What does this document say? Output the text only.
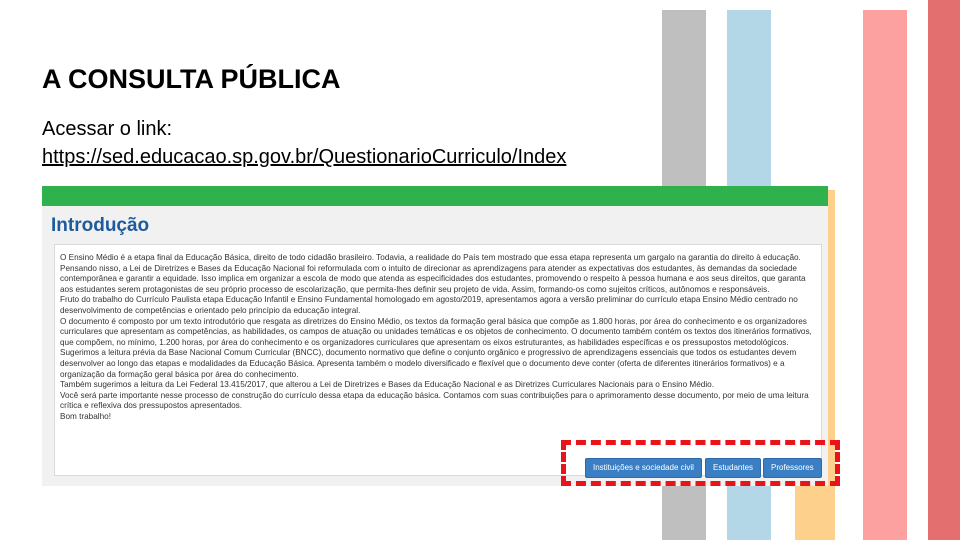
A CONSULTA PÚBLICA
Acessar o link:
https://sed.educacao.sp.gov.br/QuestionarioCurriculo/Index
Introdução

O Ensino Médio é a etapa final da Educação Básica, direito de todo cidadão brasileiro. Todavia, a realidade do País tem mostrado que essa etapa representa um gargalo na garantia do direito à educação.

Pensando nisso, a Lei de Diretrizes e Bases da Educação Nacional foi reformulada com o intuito de direcionar as aprendizagens para atender as expectativas dos estudantes, às demandas da sociedade contemporânea e garantir a equidade. Isso implica em organizar a escola de modo que atenda as especificidades dos estudantes, promovendo o respeito à pessoa humana e aos seus direitos, que garanta aos estudantes serem protagonistas de seu próprio processo de escolarização, que permita-lhes definir seu projeto de vida. Assim, formando-os como sujeitos críticos, autônomos e responsáveis.

Fruto do trabalho do Currículo Paulista etapa Educação Infantil e Ensino Fundamental homologado em agosto/2019, apresentamos agora a versão preliminar do currículo etapa Ensino Médio centrado no desenvolvimento de competências e orientado pelo princípio da educação integral.

O documento é composto por um texto introdutório que resgata as diretrizes do Ensino Médio, os textos da formação geral básica que compõe as 1.800 horas, por área do conhecimento e os organizadores curriculares que apresentam as competências, as habilidades, os campos de atuação ou unidades temáticas e os objetos de conhecimento. O documento também contém os textos dos itinerários formativos, que compõem, no mínimo, 1.200 horas, por área do conhecimento e os organizadores curriculares que apresentam os eixos estruturantes, as habilidades específicas e os pressupostos metodológicos.

Sugerimos a leitura prévia da Base Nacional Comum Curricular (BNCC), documento normativo que define o conjunto orgânico e progressivo de aprendizagens essenciais que todos os estudantes devem desenvolver ao longo das etapas e modalidades da Educação Básica. Apresenta também o modelo diversificado e flexível que o documento deve conter (oferta de diferentes itinerários formativos) e a organização da formação geral básica por área do conhecimento.

Também sugerimos a leitura da Lei Federal 13.415/2017, que alterou a Lei de Diretrizes e Bases da Educação Nacional e as Diretrizes Curriculares Nacionais para o Ensino Médio.

Você será parte importante nesse processo de construção do currículo dessa etapa da educação básica. Contamos com suas contribuições para o aprimoramento desse documento, por meio de uma leitura crítica e reflexiva dos pressupostos apresentados.

Bom trabalho!

Instituições e sociedade civil	Estudantes	Professores
